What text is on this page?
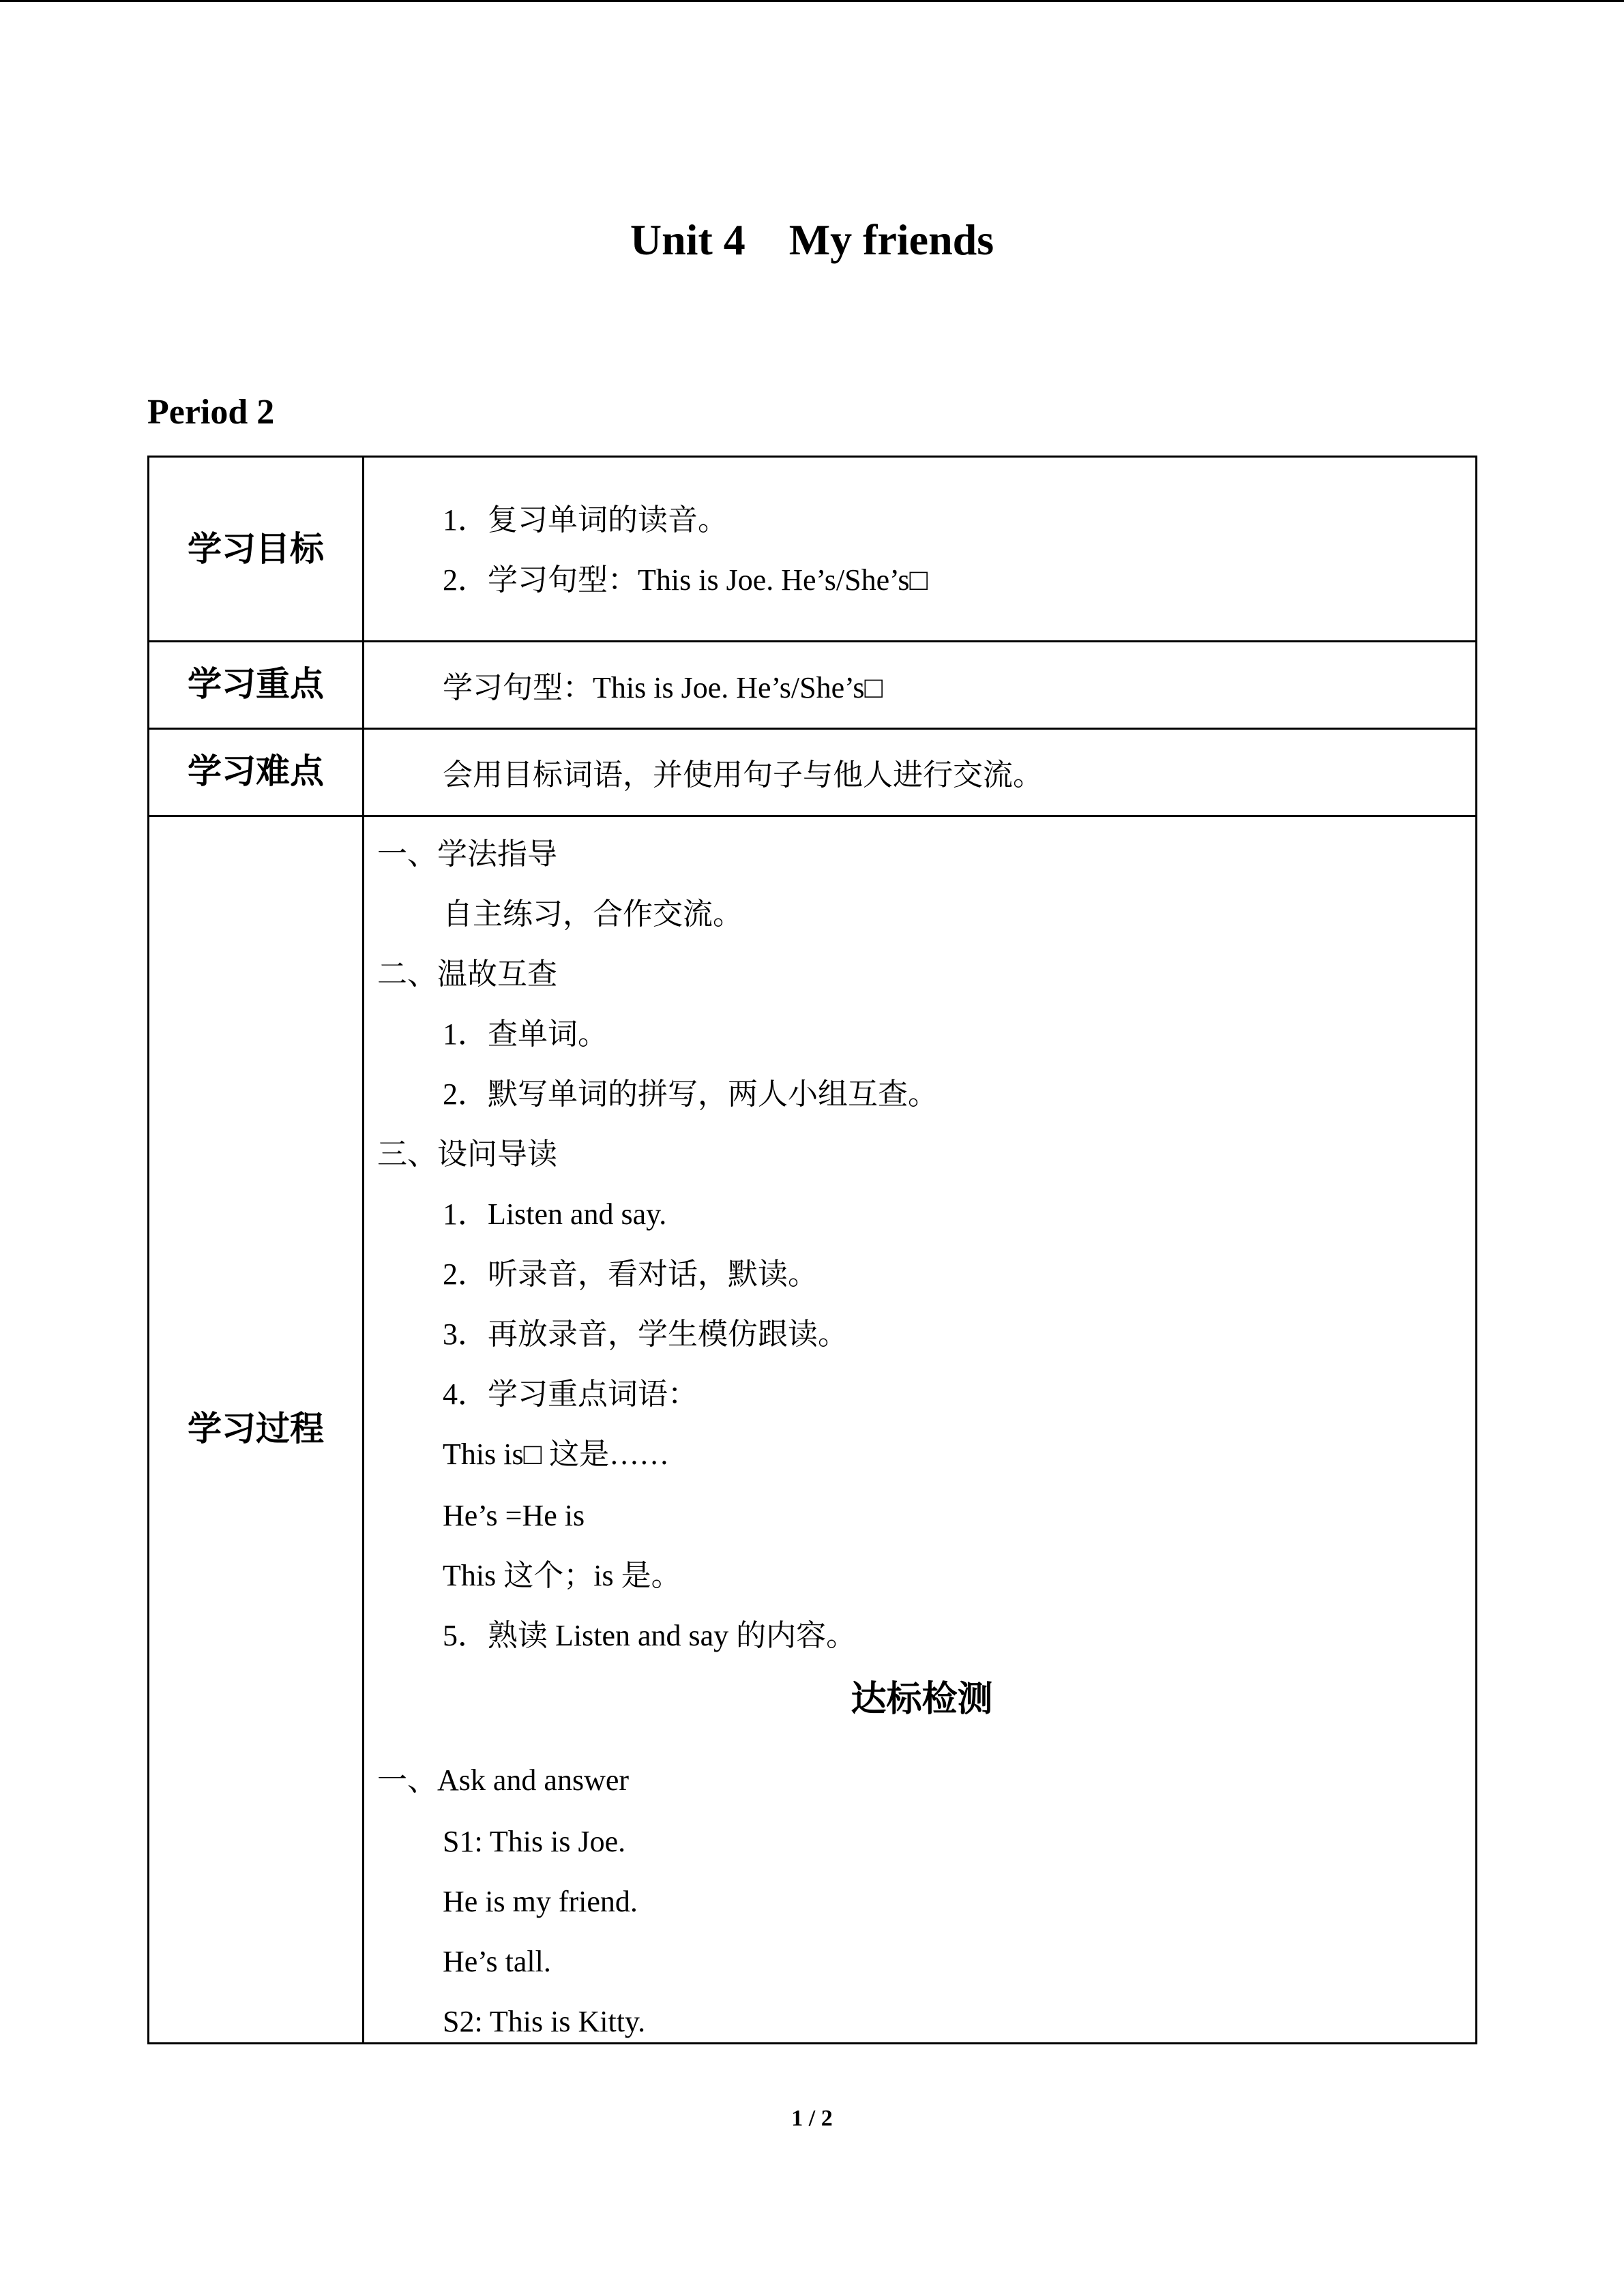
Unit 4    My friends
Period 2
学习目标
1．复习单词的读音。
2．学习句型：This is Joe. He’s/She’s□
学习重点	学习句型：This is Joe. He’s/She’s□
学习难点	会用目标词语，并使用句子与他人进行交流。
学习过程
一、学法指导
自主练习，合作交流。
二、温故互查
1．查单词。
2．默写单词的拼写，两人小组互查。
三、设问导读
1．Listen and say.
2．听录音，看对话，默读。
3．再放录音，学生模仿跟读。
4．学习重点词语：
This is□ 这是……
He’s =He is
This 这个；is 是。
5．熟读 Listen and say 的内容。
达标检测
一、Ask and answer
S1: This is Joe.
He is my friend.
He’s tall.
S2: This is Kitty.
1 / 2
